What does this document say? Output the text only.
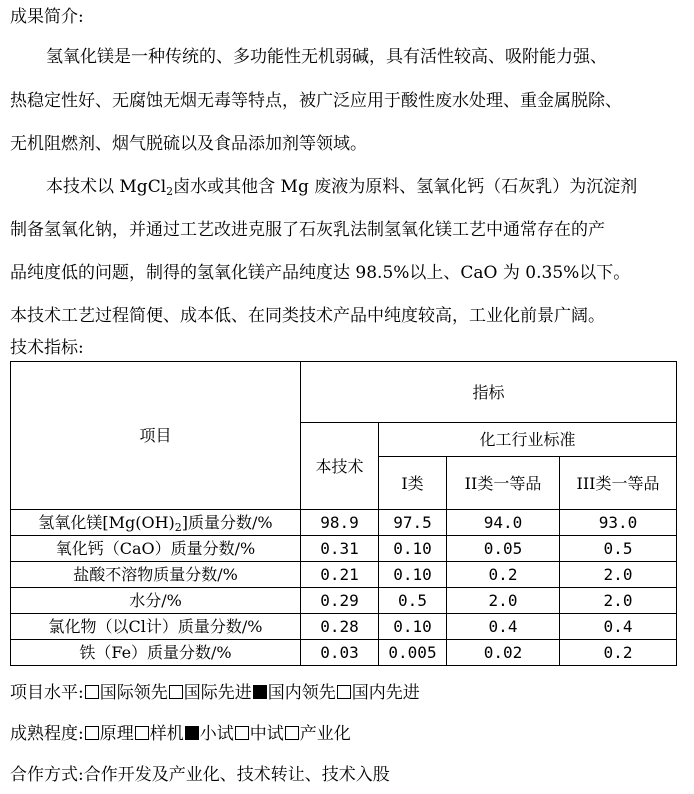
成果简介:
氢氧化镁是一种传统的、多功能性无机弱碱，具有活性较高、吸附能力强、
热稳定性好、无腐蚀无烟无毒等特点，被广泛应用于酸性废水处理、重金属脱除、
无机阻燃剂、烟气脱硫以及食品添加剂等领域。
本技术以 MgCl$_2$卤水或其他含 Mg 废液为原料、氢氧化钙（石灰乳）为沉淀剂
制备氢氧化钠，并通过工艺改进克服了石灰乳法制氢氧化镁工艺中通常存在的产
品纯度低的问题，制得的氢氧化镁产品纯度达 98.5%以上、CaO 为 0.35%以下。
本技术工艺过程简便、成本低、在同类技术产品中纯度较高，工业化前景广阔。
技术指标:
项目	指标			
	本技术	化工行业标准		
		I类	II类一等品	III类一等品
氢氧化镁$[Mg(OH)_2]$质量分数/%	98.9	97.5	94.0	93.0
氧化钙（CaO）质量分数/%	0.31	0.10	0.05	0.5
盐酸不溶物质量分数/%	0.21	0.10	0.2	2.0
水分/%	0.29	0.5	2.0	2.0
氯化物（以Cl计）质量分数/%	0.28	0.10	0.4	0.4
铁（Fe）质量分数/%	0.03	0.005	0.02	0.2
项目水平: 国际领先 国际先进 国内领先 国内先进
成熟程度: 原理 样机 小试 中试 产业化
合作方式:合作开发及产业化、技术转让、技术入股
